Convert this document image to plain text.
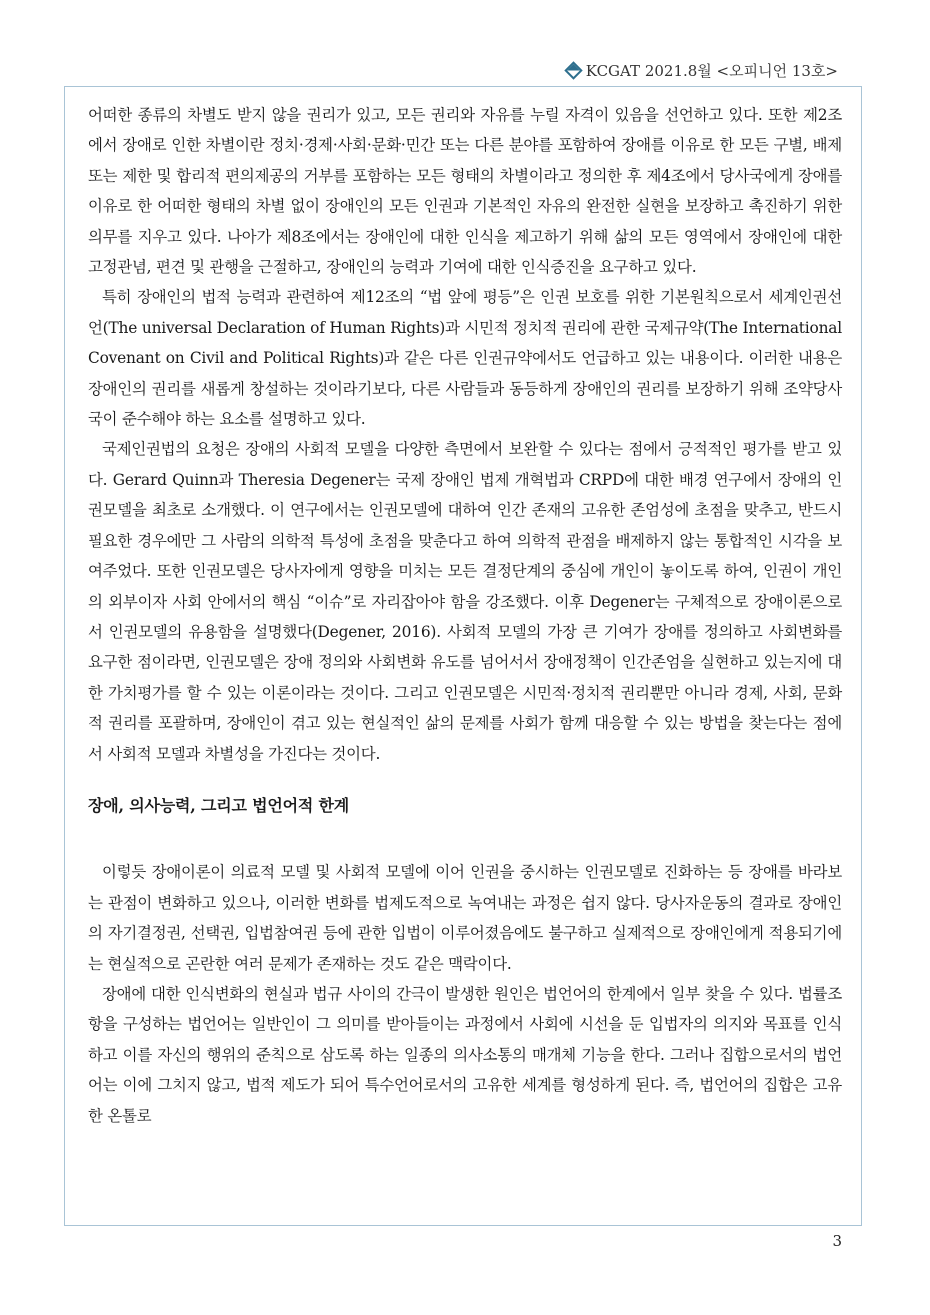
KCGAT 2021.8월 <오피니언 13호>

어떠한 종류의 차별도 받지 않을 권리가 있고, 모든 권리와 자유를 누릴 자격이 있음을 선언하고 있다. 또한 제2조에서 장애로 인한 차별이란 정치·경제·사회·문화·민간 또는 다른 분야를 포함하여 장애를 이유로 한 모든 구별, 배제 또는 제한 및 합리적 편의제공의 거부를 포함하는 모든 형태의 차별이라고 정의한 후 제4조에서 당사국에게 장애를 이유로 한 어떠한 형태의 차별 없이 장애인의 모든 인권과 기본적인 자유의 완전한 실현을 보장하고 촉진하기 위한 의무를 지우고 있다. 나아가 제8조에서는 장애인에 대한 인식을 제고하기 위해 삶의 모든 영역에서 장애인에 대한 고정관념, 편견 및 관행을 근절하고, 장애인의 능력과 기여에 대한 인식증진을 요구하고 있다.

특히 장애인의 법적 능력과 관련하여 제12조의 “법 앞에 평등”은 인권 보호를 위한 기본원칙으로서 세계인권선언(The universal Declaration of Human Rights)과 시민적 정치적 권리에 관한 국제규약(The International Covenant on Civil and Political Rights)과 같은 다른 인권규약에서도 언급하고 있는 내용이다. 이러한 내용은 장애인의 권리를 새롭게 창설하는 것이라기보다, 다른 사람들과 동등하게 장애인의 권리를 보장하기 위해 조약당사국이 준수해야 하는 요소를 설명하고 있다.

국제인권법의 요청은 장애의 사회적 모델을 다양한 측면에서 보완할 수 있다는 점에서 긍적적인 평가를 받고 있다. Gerard Quinn과 Theresia Degener는 국제 장애인 법제 개혁법과 CRPD에 대한 배경 연구에서 장애의 인권모델을 최초로 소개했다. 이 연구에서는 인권모델에 대하여 인간 존재의 고유한 존엄성에 초점을 맞추고, 반드시 필요한 경우에만 그 사람의 의학적 특성에 초점을 맞춘다고 하여 의학적 관점을 배제하지 않는 통합적인 시각을 보여주었다. 또한 인권모델은 당사자에게 영향을 미치는 모든 결정단계의 중심에 개인이 놓이도록 하여, 인권이 개인의 외부이자 사회 안에서의 핵심 “이슈”로 자리잡아야 함을 강조했다. 이후 Degener는 구체적으로 장애이론으로서 인권모델의 유용함을 설명했다(Degener, 2016). 사회적 모델의 가장 큰 기여가 장애를 정의하고 사회변화를 요구한 점이라면, 인권모델은 장애 정의와 사회변화 유도를 넘어서서 장애정책이 인간존엄을 실현하고 있는지에 대한 가치평가를 할 수 있는 이론이라는 것이다. 그리고 인권모델은 시민적·정치적 권리뿐만 아니라 경제, 사회, 문화적 권리를 포괄하며, 장애인이 겪고 있는 현실적인 삶의 문제를 사회가 함께 대응할 수 있는 방법을 찾는다는 점에서 사회적 모델과 차별성을 가진다는 것이다.

장애, 의사능력, 그리고 법언어적 한계

이렇듯 장애이론이 의료적 모델 및 사회적 모델에 이어 인권을 중시하는 인권모델로 진화하는 등 장애를 바라보는 관점이 변화하고 있으나, 이러한 변화를 법제도적으로 녹여내는 과정은 쉽지 않다. 당사자운동의 결과로 장애인의 자기결정권, 선택권, 입법참여권 등에 관한 입법이 이루어졌음에도 불구하고 실제적으로 장애인에게 적용되기에는 현실적으로 곤란한 여러 문제가 존재하는 것도 같은 맥락이다.

장애에 대한 인식변화의 현실과 법규 사이의 간극이 발생한 원인은 법언어의 한계에서 일부 찾을 수 있다. 법률조항을 구성하는 법언어는 일반인이 그 의미를 받아들이는 과정에서 사회에 시선을 둔 입법자의 의지와 목표를 인식하고 이를 자신의 행위의 준칙으로 삼도록 하는 일종의 의사소통의 매개체 기능을 한다. 그러나 집합으로서의 법언어는 이에 그치지 않고, 법적 제도가 되어 특수언어로서의 고유한 세계를 형성하게 된다. 즉, 법언어의 집합은 고유한 온톨로

3
